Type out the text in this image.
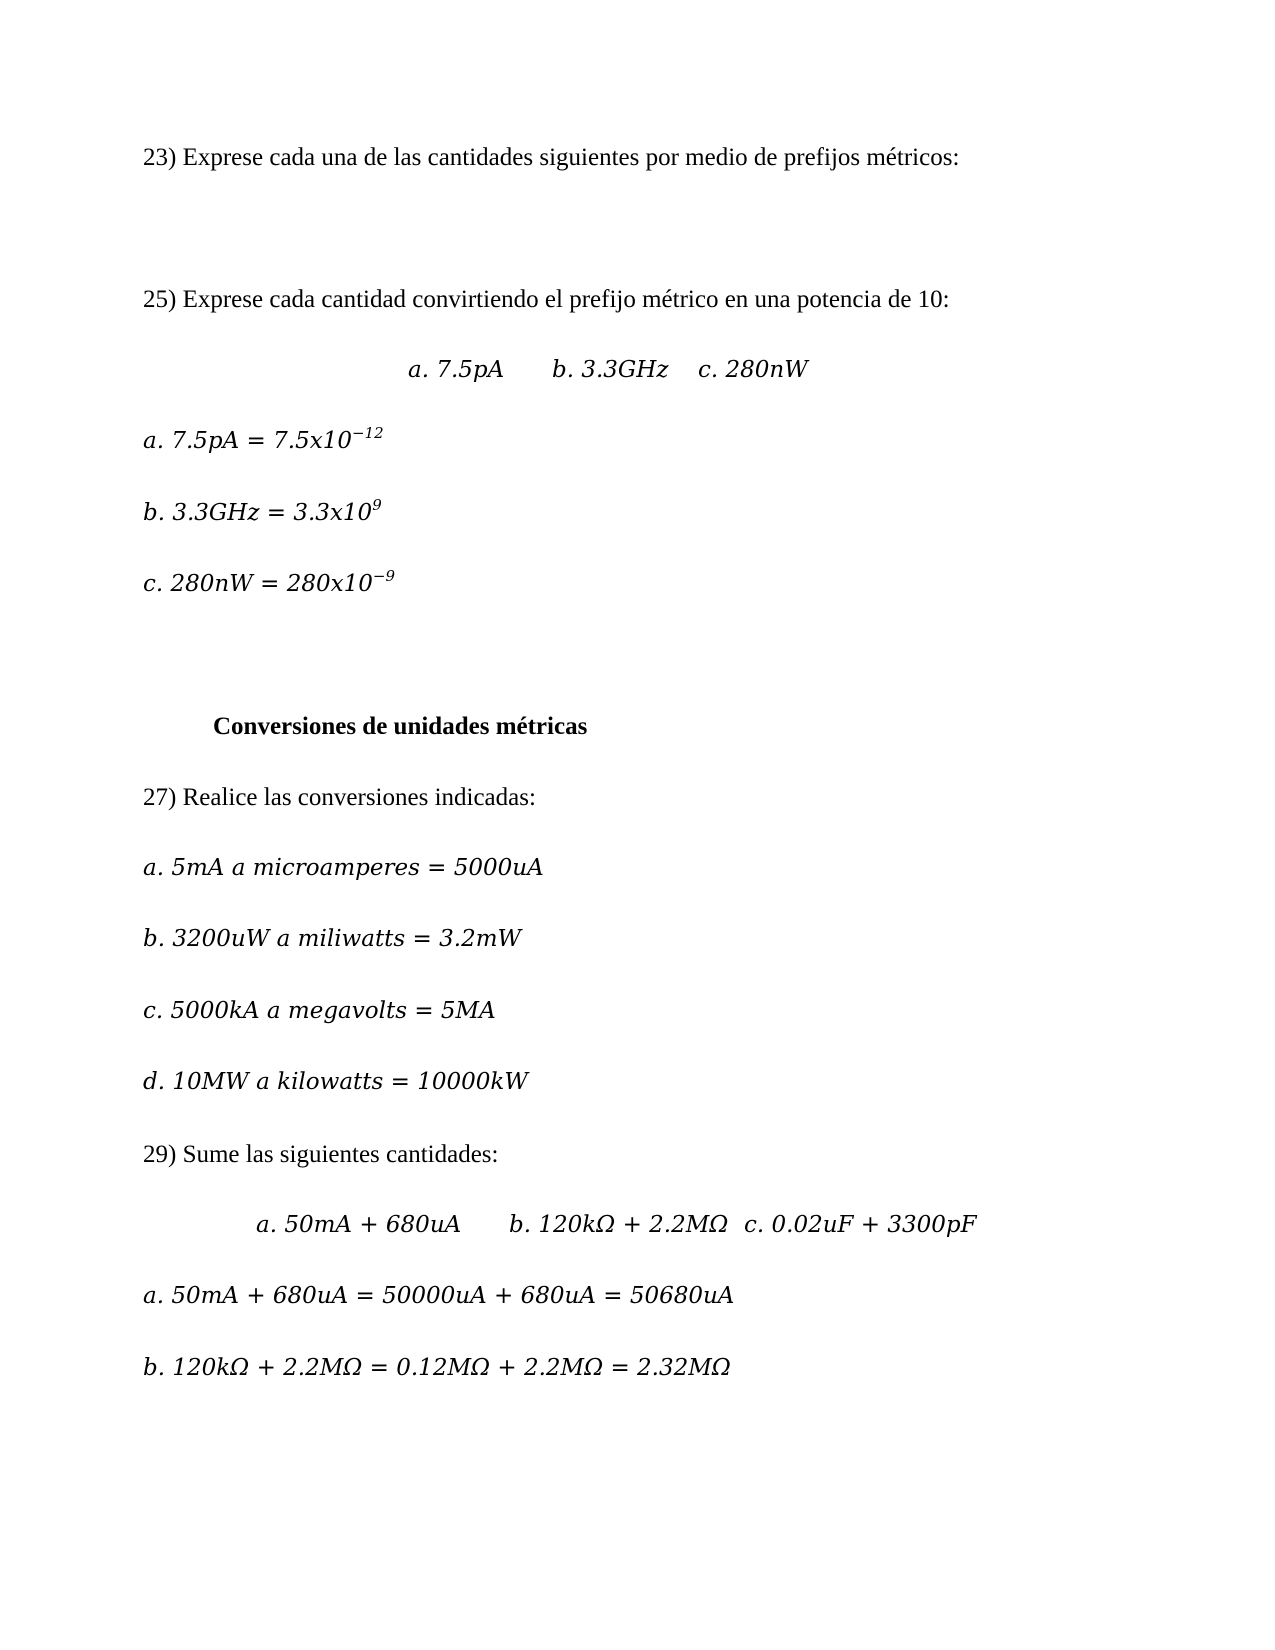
23) Exprese cada una de las cantidades siguientes por medio de prefijos métricos:
25) Exprese cada cantidad convirtiendo el prefijo métrico en una potencia de 10:
a. 7.5pA b. 3.3GHz c. 280nW
a. $7.5pA = 7.5x10^{-12}$
b. $3.3GHz = 3.3x10^9$
c. $280nW = 280x10^{-9}$
Conversiones de unidades métricas
27) Realice las conversiones indicadas:
a. 5mA a microamperes = 5000uA
b. 3200uW a miliwatts = 3.2mW
c. 5000kA a megavolts = 5MA
d. 10MW a kilowatts = 10000kW
29) Sume las siguientes cantidades:
a. 50mA + 680uA b. 120kΩ + 2.2MΩ c. 0.02uF + 3300pF
a. 50mA + 680uA = 50000uA + 680uA = 50680uA
b. 120kΩ + 2.2MΩ = 0.12MΩ + 2.2MΩ = 2.32MΩ
